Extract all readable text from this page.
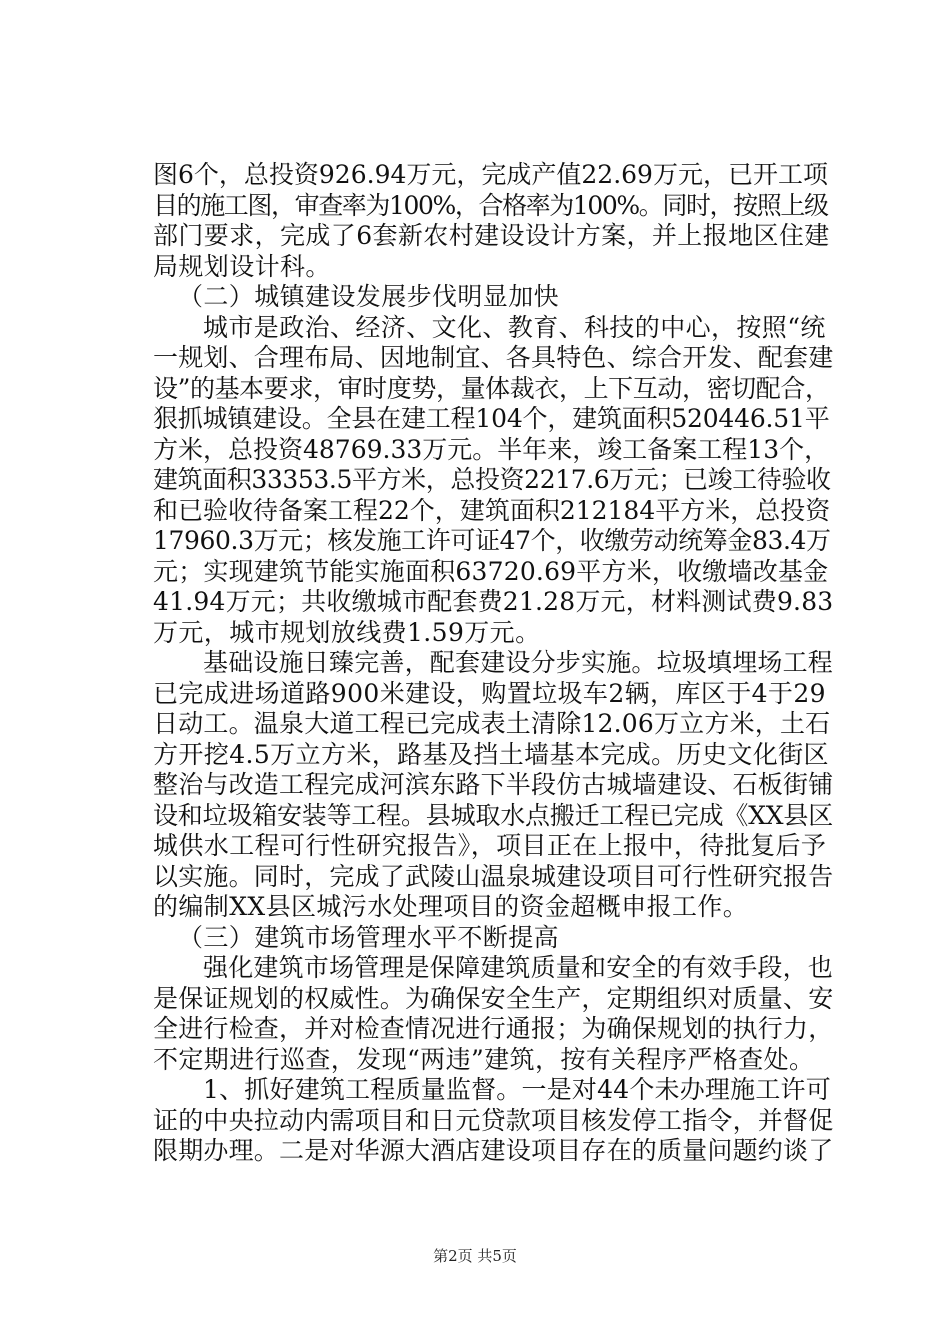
图6个，总投资926.94万元，完成产值22.69万元，已开工项
目的施工图，审查率为100%，合格率为100%。同时，按照上级
部门要求，完成了6套新农村建设设计方案，并上报地区住建
局规划设计科。
（二）城镇建设发展步伐明显加快
城市是政治、经济、文化、教育、科技的中心，按照“统
一规划、合理布局、因地制宜、各具特色、综合开发、配套建
设”的基本要求，审时度势，量体裁衣，上下互动，密切配合，
狠抓城镇建设。全县在建工程104个，建筑面积520446.51平
方米，总投资48769.33万元。半年来，竣工备案工程13个，
建筑面积33353.5平方米，总投资2217.6万元；已竣工待验收
和已验收待备案工程22个，建筑面积212184平方米，总投资
17960.3万元；核发施工许可证47个，收缴劳动统筹金83.4万
元；实现建筑节能实施面积63720.69平方米，收缴墙改基金
41.94万元；共收缴城市配套费21.28万元，材料测试费9.83
万元，城市规划放线费1.59万元。
基础设施日臻完善，配套建设分步实施。垃圾填埋场工程
已完成进场道路900米建设，购置垃圾车2辆，库区于4于29
日动工。温泉大道工程已完成表土清除12.06万立方米，土石
方开挖4.5万立方米，路基及挡土墙基本完成。历史文化街区
整治与改造工程完成河滨东路下半段仿古城墙建设、石板街铺
设和垃圾箱安装等工程。县城取水点搬迁工程已完成《XX县区
城供水工程可行性研究报告》，项目正在上报中，待批复后予
以实施。同时，完成了武陵山温泉城建设项目可行性研究报告
的编制XX县区城污水处理项目的资金超概申报工作。
（三）建筑市场管理水平不断提高
强化建筑市场管理是保障建筑质量和安全的有效手段，也
是保证规划的权威性。为确保安全生产，定期组织对质量、安
全进行检查，并对检查情况进行通报；为确保规划的执行力，
不定期进行巡查，发现“两违”建筑，按有关程序严格查处。
1、抓好建筑工程质量监督。一是对44个未办理施工许可
证的中央拉动内需项目和日元贷款项目核发停工指令，并督促
限期办理。二是对华源大酒店建设项目存在的质量问题约谈了
第2页 共5页
